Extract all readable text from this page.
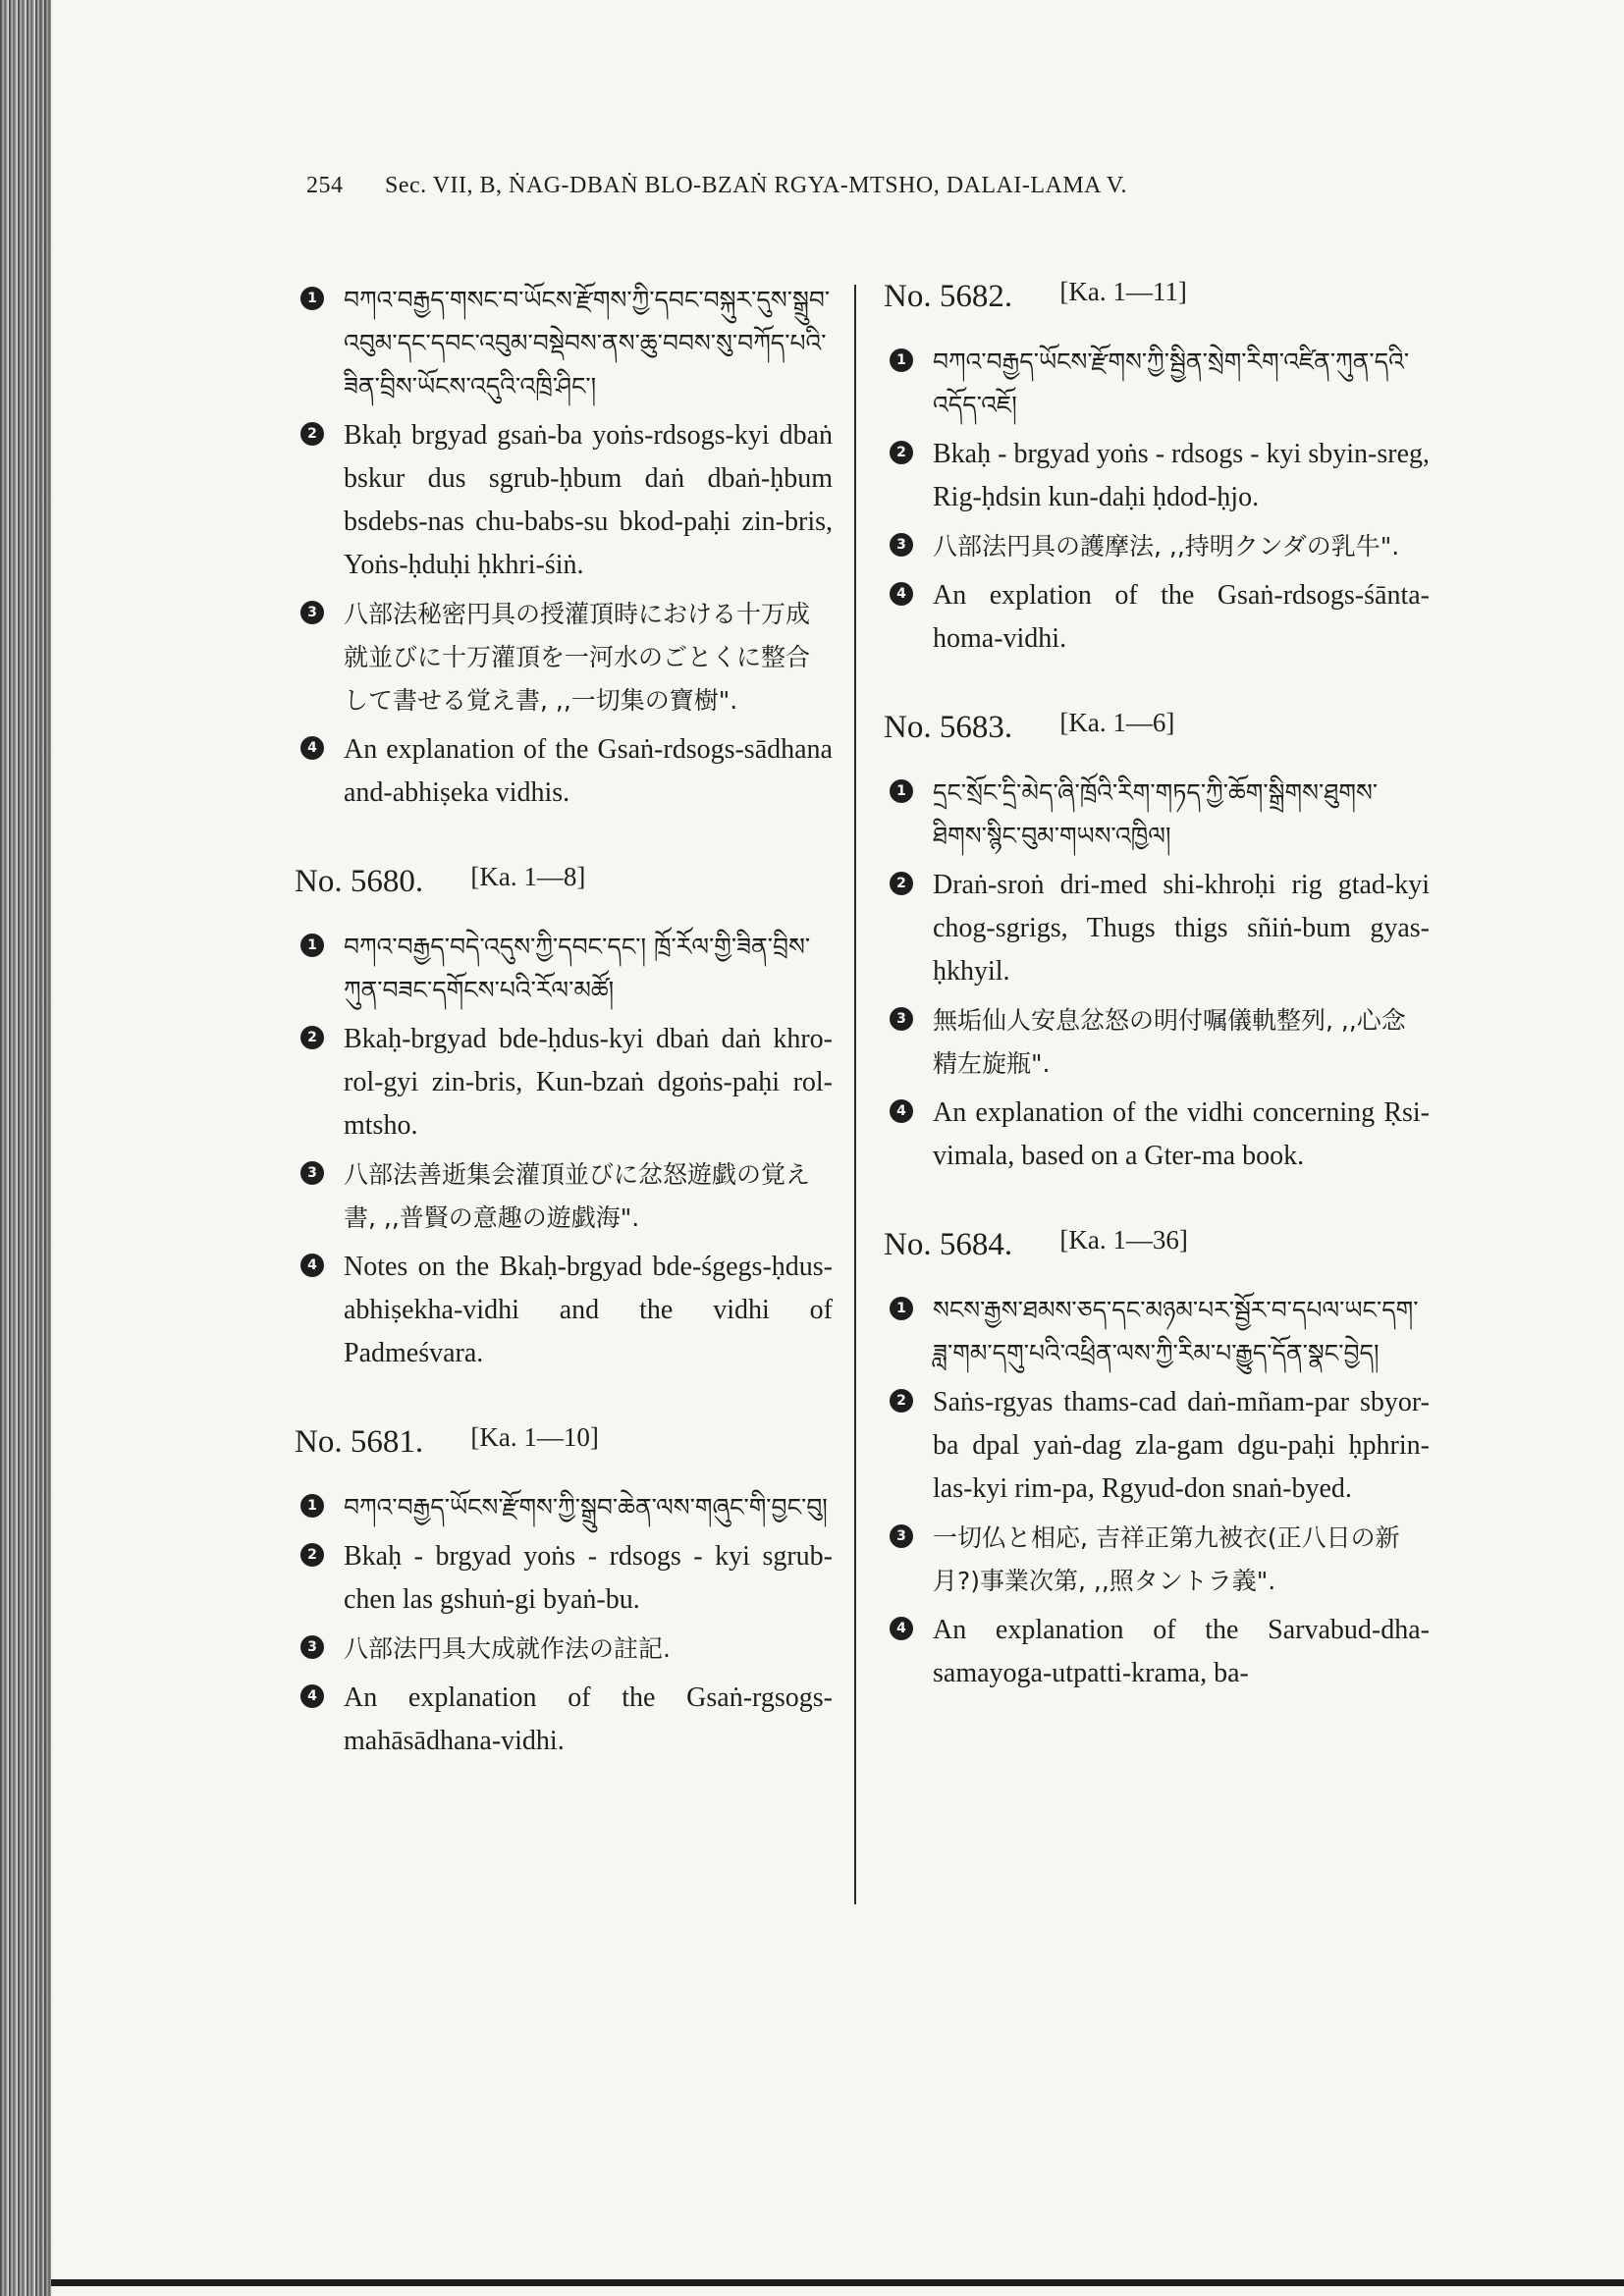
254 Sec. VII, B, ṄAG-DBAṄ BLO-BZAṄ RGYA-MTSHO, DALAI-LAMA V.
1 བཀའ་བརྒྱད་གསང་བ་ཡོངས་རྫོགས་ཀྱི་དབང་བསྐུར་དུས་སྒྲུབ་འབུམ་དང་དབང་འབུམ་བསྡེབས་ནས་ཆུ་བབས་སུ་བཀོད་པའི་ཟིན་བྲིས་ཡོངས་འདུའི་འཁྲི་ཤིང་།
2 Bkaḥ brgyad gsaṅ-ba yoṅs-rdsogs-kyi dbaṅ bskur dus sgrub-ḥbum daṅ dbaṅ-ḥbum bsdebs-nas chu-babs-su bkod-paḥi zin-bris, Yoṅs-ḥduḥi ḥkhri-śiṅ.
3 八部法秘密円具の授灌頂時における十万成就並びに十万灌頂を一河水のごとくに整合して書せる覚え書, ,,一切集の寶樹".
4 An explanation of the Gsaṅ-rdsogs-sādhana and-abhiṣeka vidhis.
No. 5680. [Ka. 1—8]
1 བཀའ་བརྒྱད་བདེ་འདུས་ཀྱི་དབང་དང་། ཁྲོ་རོལ་གྱི་ཟིན་བྲིས་ཀུན་བཟང་དགོངས་པའི་རོལ་མཚོ།
2 Bkaḥ-brgyad bde-ḥdus-kyi dbaṅ daṅ khro-rol-gyi zin-bris, Kun-bzaṅ dgoṅs-paḥi rol-mtsho.
3 八部法善逝集会灌頂並びに忿怒遊戯の覚え書, ,,普賢の意趣の遊戯海".
4 Notes on the Bkaḥ-brgyad bde-śgegs-ḥdus-abhiṣekha-vidhi and the vidhi of Padmeśvara.
No. 5681. [Ka. 1—10]
1 བཀའ་བརྒྱད་ཡོངས་རྫོགས་ཀྱི་སྒྲུབ་ཆེན་ལས་གཞུང་གི་བྱང་བུ།
2 Bkaḥ - brgyad yoṅs - rdsogs - kyi sgrub-chen las gshuṅ-gi byaṅ-bu.
3 八部法円具大成就作法の註記.
4 An explanation of the Gsaṅ-rgsogs-mahāsādhana-vidhi.
No. 5682. [Ka. 1—11]
1 བཀའ་བརྒྱད་ཡོངས་རྫོགས་ཀྱི་སྦྱིན་སྲེག་རིག་འཛིན་ཀུན་དའི་འདོད་འཇོ།
2 Bkaḥ - brgyad yoṅs - rdsogs - kyi sbyin-sreg, Rig-ḥdsin kun-daḥi ḥdod-ḥjo.
3 八部法円具の護摩法, ,,持明クンダの乳牛".
4 An explation of the Gsaṅ-rdsogs-śānta-homa-vidhi.
No. 5683. [Ka. 1—6]
1 དྲང་སྲོང་དྲི་མེད་ཞི་ཁྲོའི་རིག་གཏད་ཀྱི་ཆོག་སྒྲིགས་ཐུགས་ཐིགས་སྙིང་བུམ་གཡས་འཁྱིལ།
2 Draṅ-sroṅ dri-med shi-khroḥi rig gtad-kyi chog-sgrigs, Thugs thigs sñiṅ-bum gyas-ḥkhyil.
3 無垢仙人安息忿怒の明付嘱儀軌整列, ,,心念精左旋瓶".
4 An explanation of the vidhi concerning Ṛsi-vimala, based on a Gter-ma book.
No. 5684. [Ka. 1—36]
1 སངས་རྒྱས་ཐམས་ཅད་དང་མཉམ་པར་སྦྱོར་བ་དཔལ་ཡང་དག་ཟླ་གམ་དགུ་པའི་འཕྲིན་ལས་ཀྱི་རིམ་པ་རྒྱུད་དོན་སྣང་བྱེད།
2 Saṅs-rgyas thams-cad daṅ-mñam-par sbyor-ba dpal yaṅ-dag zla-gam dgu-paḥi ḥphrin-las-kyi rim-pa, Rgyud-don snaṅ-byed.
3 一切仏と相応, 吉祥正第九被衣(正八日の新月?)事業次第, ,,照タントラ義".
4 An explanation of the Sarvabud-dha-samayoga-utpatti-krama, ba-
